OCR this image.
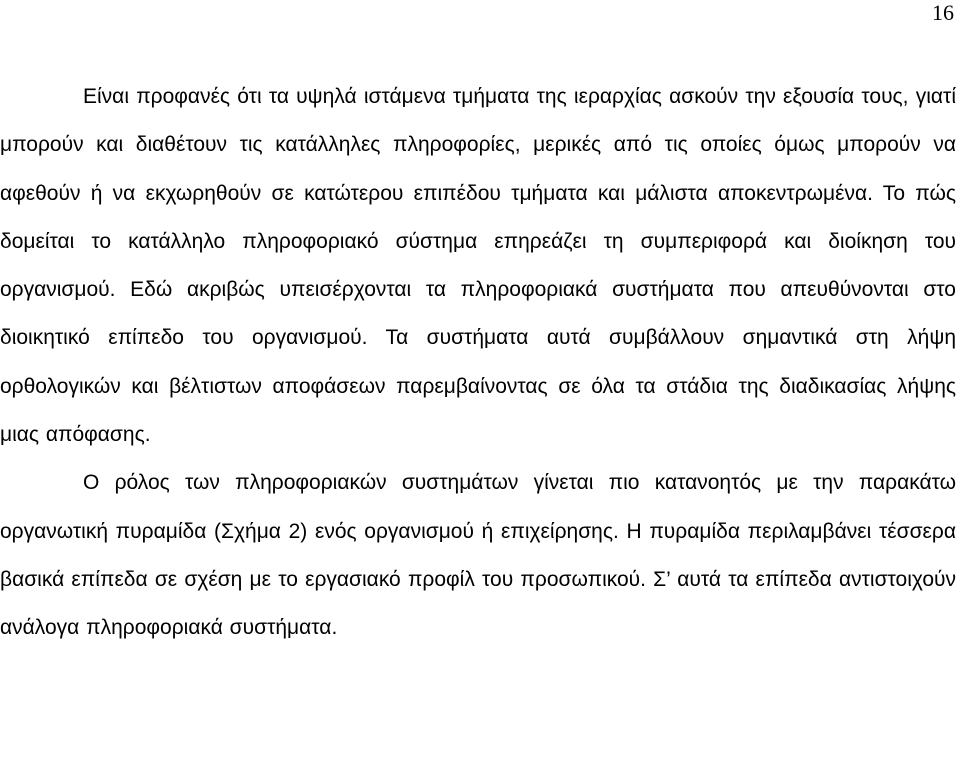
16

Είναι προφανές ότι τα υψηλά ιστάμενα τμήματα της ιεραρχίας ασκούν την εξουσία τους, γιατί μπορούν και διαθέτουν τις κατάλληλες πληροφορίες, μερικές από τις οποίες όμως μπορούν να αφεθούν ή να εκχωρηθούν σε κατώτερου επιπέδου τμήματα και μάλιστα αποκεντρωμένα. Το πώς δομείται το κατάλληλο πληροφοριακό σύστημα επηρεάζει τη συμπεριφορά και διοίκηση του οργανισμού. Εδώ ακριβώς υπεισέρχονται τα πληροφοριακά συστήματα που απευθύνονται στο διοικητικό επίπεδο του οργανισμού. Τα συστήματα αυτά συμβάλλουν σημαντικά στη λήψη ορθολογικών και βέλτιστων αποφάσεων παρεμβαίνοντας σε όλα τα στάδια της διαδικασίας λήψης μιας απόφασης.

Ο ρόλος των πληροφοριακών συστημάτων γίνεται πιο κατανοητός με την παρακάτω οργανωτική πυραμίδα (Σχήμα 2) ενός οργανισμού ή επιχείρησης. Η πυραμίδα περιλαμβάνει τέσσερα βασικά επίπεδα σε σχέση με το εργασιακό προφίλ του προσωπικού. Σ’ αυτά τα επίπεδα αντιστοιχούν ανάλογα πληροφοριακά συστήματα.
